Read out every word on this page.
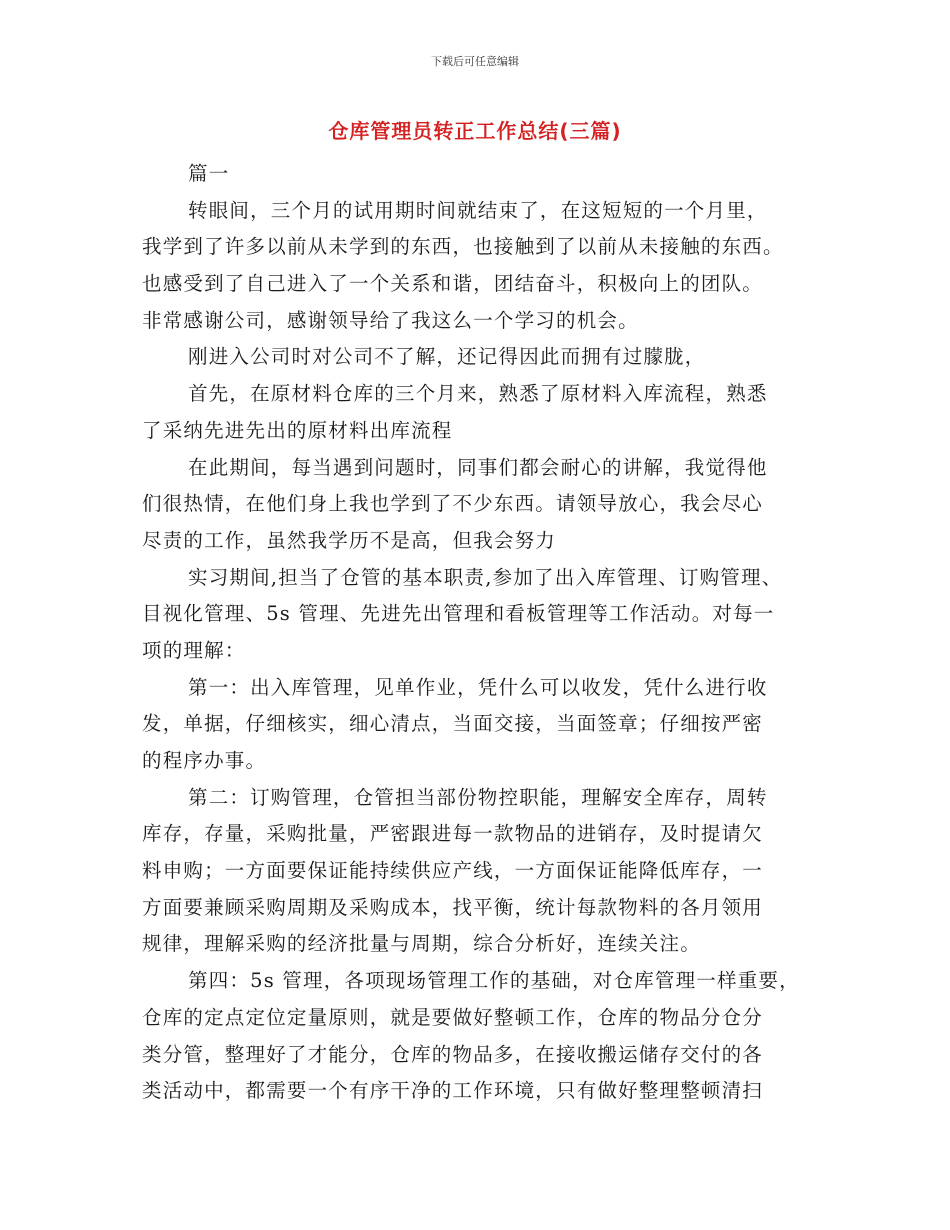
下载后可任意编辑
仓库管理员转正工作总结(三篇)
篇一
转眼间，三个月的试用期时间就结束了，在这短短的一个月里，
我学到了许多以前从未学到的东西，也接触到了以前从未接触的东西。
也感受到了自己进入了一个关系和谐，团结奋斗，积极向上的团队。
非常感谢公司，感谢领导给了我这么一个学习的机会。
刚进入公司时对公司不了解，还记得因此而拥有过朦胧，
首先，在原材料仓库的三个月来，熟悉了原材料入库流程，熟悉
了采纳先进先出的原材料出库流程
在此期间，每当遇到问题时，同事们都会耐心的讲解，我觉得他
们很热情，在他们身上我也学到了不少东西。请领导放心，我会尽心
尽责的工作，虽然我学历不是高，但我会努力
实习期间,担当了仓管的基本职责,参加了出入库管理、订购管理、
目视化管理、5s 管理、先进先出管理和看板管理等工作活动。对每一
项的理解：
第一：出入库管理，见单作业，凭什么可以收发，凭什么进行收
发，单据，仔细核实，细心清点，当面交接，当面签章；仔细按严密
的程序办事。
第二：订购管理，仓管担当部份物控职能，理解安全库存，周转
库存，存量，采购批量，严密跟进每一款物品的进销存，及时提请欠
料申购；一方面要保证能持续供应产线，一方面保证能降低库存，一
方面要兼顾采购周期及采购成本，找平衡，统计每款物料的各月领用
规律，理解采购的经济批量与周期，综合分析好，连续关注。
第四：5s 管理，各项现场管理工作的基础，对仓库管理一样重要，
仓库的定点定位定量原则，就是要做好整顿工作，仓库的物品分仓分
类分管，整理好了才能分，仓库的物品多，在接收搬运储存交付的各
类活动中，都需要一个有序干净的工作环境，只有做好整理整顿清扫
